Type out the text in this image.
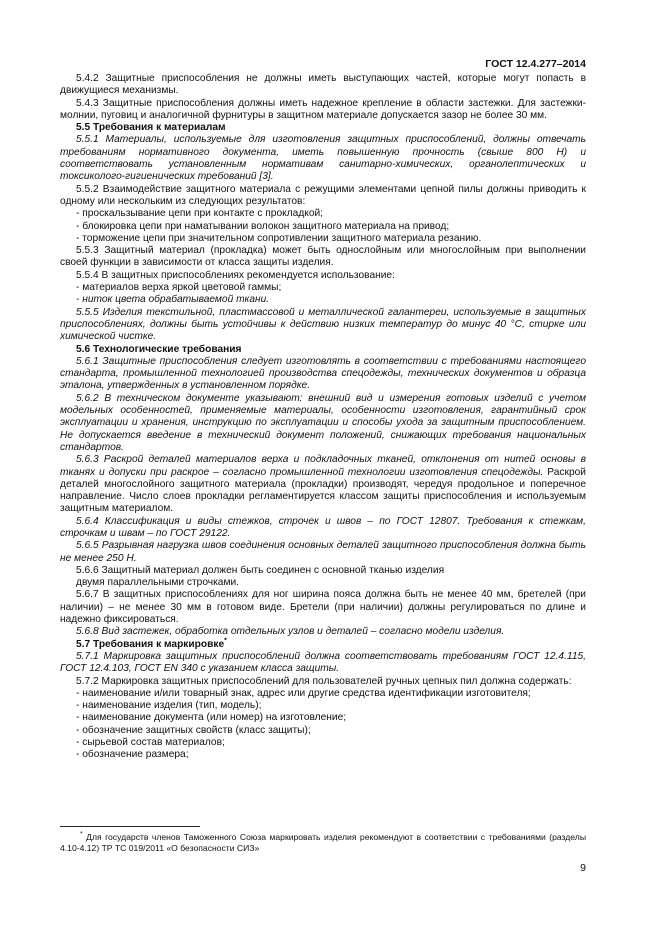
ГОСТ 12.4.277–2014

5.4.2 Защитные приспособления не должны иметь выступающих частей, которые могут попасть в движущиеся механизмы.

5.4.3 Защитные приспособления должны иметь надежное крепление в области застежки. Для застежки-молнии, пуговиц и аналогичной фурнитуры в защитном материале допускается зазор не более 30 мм.

5.5 Требования к материалам

5.5.1 Материалы, используемые для изготовления защитных приспособлений, должны отвечать требованиям нормативного документа, иметь повышенную прочность (свыше 800 Н) и соответствовать установленным нормативам санитарно-химических, органолептических и токсиколого-гигиенических требований [3].

5.5.2 Взаимодействие защитного материала с режущими элементами цепной пилы должны приводить к одному или нескольким из следующих результатов:

- проскальзывание цепи при контакте с прокладкой;

- блокировка цепи при наматывании волокон защитного материала на привод;

- торможение цепи при значительном сопротивлении защитного материала резанию.

5.5.3 Защитный материал (прокладка) может быть однослойным или многослойным при выполнении своей функции в зависимости от класса защиты изделия.

5.5.4 В защитных приспособлениях рекомендуется использование:

- материалов верха яркой цветовой гаммы;

- ниток цвета обрабатываемой ткани.

5.5.5 Изделия текстильной, пластмассовой и металлической галантереи, используемые в защитных приспособлениях, должны быть устойчивы к действию низких температур до минус 40 °С, стирке или химической чистке.

5.6 Технологические требования

5.6.1 Защитные приспособления следует изготовлять в соответствии с требованиями настоящего стандарта, промышленной технологией производства спецодежды, технических документов и образца эталона, утвержденных в установленном порядке.

5.6.2 В техническом документе указывают: внешний вид и измерения готовых изделий с учетом модельных особенностей, применяемые материалы, особенности изготовления, гарантийный срок эксплуатации и хранения, инструкцию по эксплуатации и способы ухода за защитным приспособлением. Не допускается введение в технический документ положений, снижающих требования национальных стандартов.

5.6.3 Раскрой деталей материалов верха и подкладочных тканей, отклонения от нитей основы в тканях и допуски при раскрое – согласно промышленной технологии изготовления спецодежды. Раскрой деталей многослойного защитного материала (прокладки) производят, чередуя продольное и поперечное направление. Число слоев прокладки регламентируется классом защиты приспособления и используемым защитным материалом.

5.6.4 Классификация и виды стежков, строчек и швов – по ГОСТ 12807. Требования к стежкам, строчкам и швам – по ГОСТ 29122.

5.6.5 Разрывная нагрузка швов соединения основных деталей защитного приспособления должна быть не менее 250 Н.

5.6.6 Защитный материал должен быть соединен с основной тканью изделия

двумя параллельными строчками.

5.6.7 В защитных приспособлениях для ног ширина пояса должна быть не менее 40 мм, бретелей (при наличии) – не менее 30 мм в готовом виде. Бретели (при наличии) должны регулироваться по длине и надежно фиксироваться.

5.6.8 Вид застежек, обработка отдельных узлов и деталей – согласно модели изделия.

5.7 Требования к маркировке*

5.7.1 Маркировка защитных приспособлений должна соответствовать требованиям ГОСТ 12.4.115, ГОСТ 12.4.103, ГОСТ EN 340 с указанием класса защиты.

5.7.2 Маркировка защитных приспособлений для пользователей ручных цепных пил должна содержать:

- наименование и/или товарный знак, адрес или другие средства идентификации изготовителя;

- наименование изделия (тип, модель);

- наименование документа (или номер) на изготовление;

- обозначение защитных свойств (класс защиты);

- сырьевой состав материалов;

- обозначение размера;

* Для государств членов Таможенного Союза маркировать изделия рекомендуют в соответствии с требованиями (разделы 4.10-4.12) ТР ТС 019/2011 «О безопасности СИЗ»
9
